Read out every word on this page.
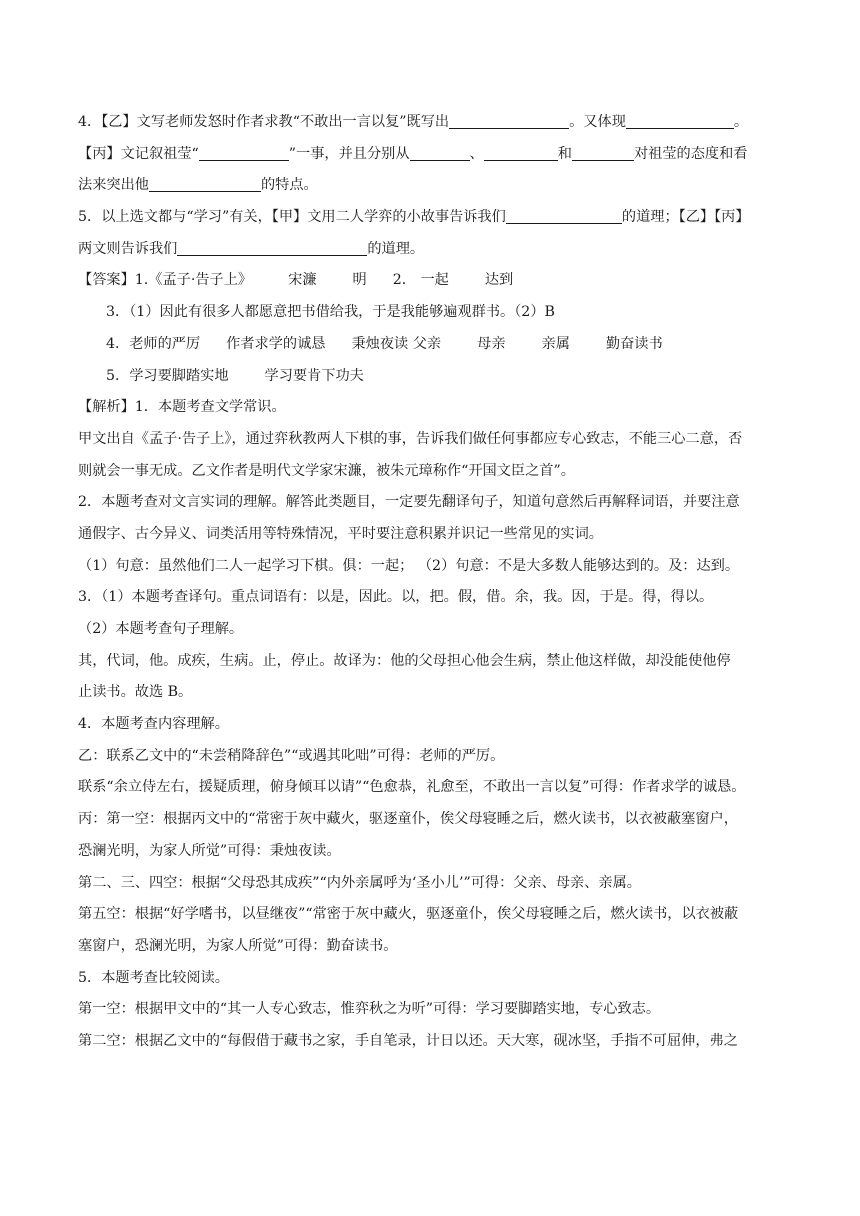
4．【乙】文写老师发怒时作者求教“不敢出一言以复”既写出	。又体现	。
【丙】文记叙祖莹“	”一事，并且分别从	、	和	对祖莹的态度和看
法来突出他	的特点。
5．以上选文都与“学习”有关，【甲】文用二人学弈的小故事告诉我们	的道理；【乙】【丙】
两文则告诉我们	的道理。
【答案】1.《孟子·告子上》	宋濂	明 2． 一起	达到
3．（1）因此有很多人都愿意把书借给我，于是我能够遍观群书。（2）B
4．老师的严厉 作者求学的诚恳 秉烛夜读 父亲	母亲	亲属	勤奋读书
5．学习要脚踏实地	学习要肯下功夫
【解析】1．本题考查文学常识。
甲文出自《孟子·告子上》，通过弈秋教两人下棋的事，告诉我们做任何事都应专心致志，不能三心二意，否
则就会一事无成。乙文作者是明代文学家宋濂，被朱元璋称作“开国文臣之首”。
2．本题考查对文言实词的理解。解答此类题目，一定要先翻译句子，知道句意然后再解释词语，并要注意
通假字、古今异义、词类活用等特殊情况，平时要注意积累并识记一些常见的实词。
（1）句意：虽然他们二人一起学习下棋。俱：一起； （2）句意：不是大多数人能够达到的。及：达到。
3．（1）本题考查译句。重点词语有：以是，因此。以，把。假，借。余，我。因，于是。得，得以。
（2）本题考查句子理解。
其，代词，他。成疾，生病。止，停止。故译为：他的父母担心他会生病，禁止他这样做，却没能使他停
止读书。故选 B。
4．本题考查内容理解。
乙：联系乙文中的“未尝稍降辞色”“或遇其叱咄”可得：老师的严厉。
联系“余立侍左右，援疑质理，俯身倾耳以请”“色愈恭，礼愈至，不敢出一言以复”可得：作者求学的诚恳。
丙：第一空：根据丙文中的“常密于灰中藏火，驱逐童仆，俟父母寝睡之后，燃火读书，以衣被蔽塞窗户，
恐澜光明，为家人所觉”可得：秉烛夜读。
第二、三、四空：根据“父母恐其成疾”“内外亲属呼为‘圣小儿’”可得：父亲、母亲、亲属。
第五空：根据“好学嗜书，以昼继夜”“常密于灰中藏火，驱逐童仆，俟父母寝睡之后，燃火读书，以衣被蔽
塞窗户，恐澜光明，为家人所觉”可得：勤奋读书。
5．本题考查比较阅读。
第一空：根据甲文中的“其一人专心致志，惟弈秋之为听”可得：学习要脚踏实地，专心致志。
第二空：根据乙文中的“每假借于藏书之家，手自笔录，计日以还。天大寒，砚冰坚，手指不可屈伸，弗之
